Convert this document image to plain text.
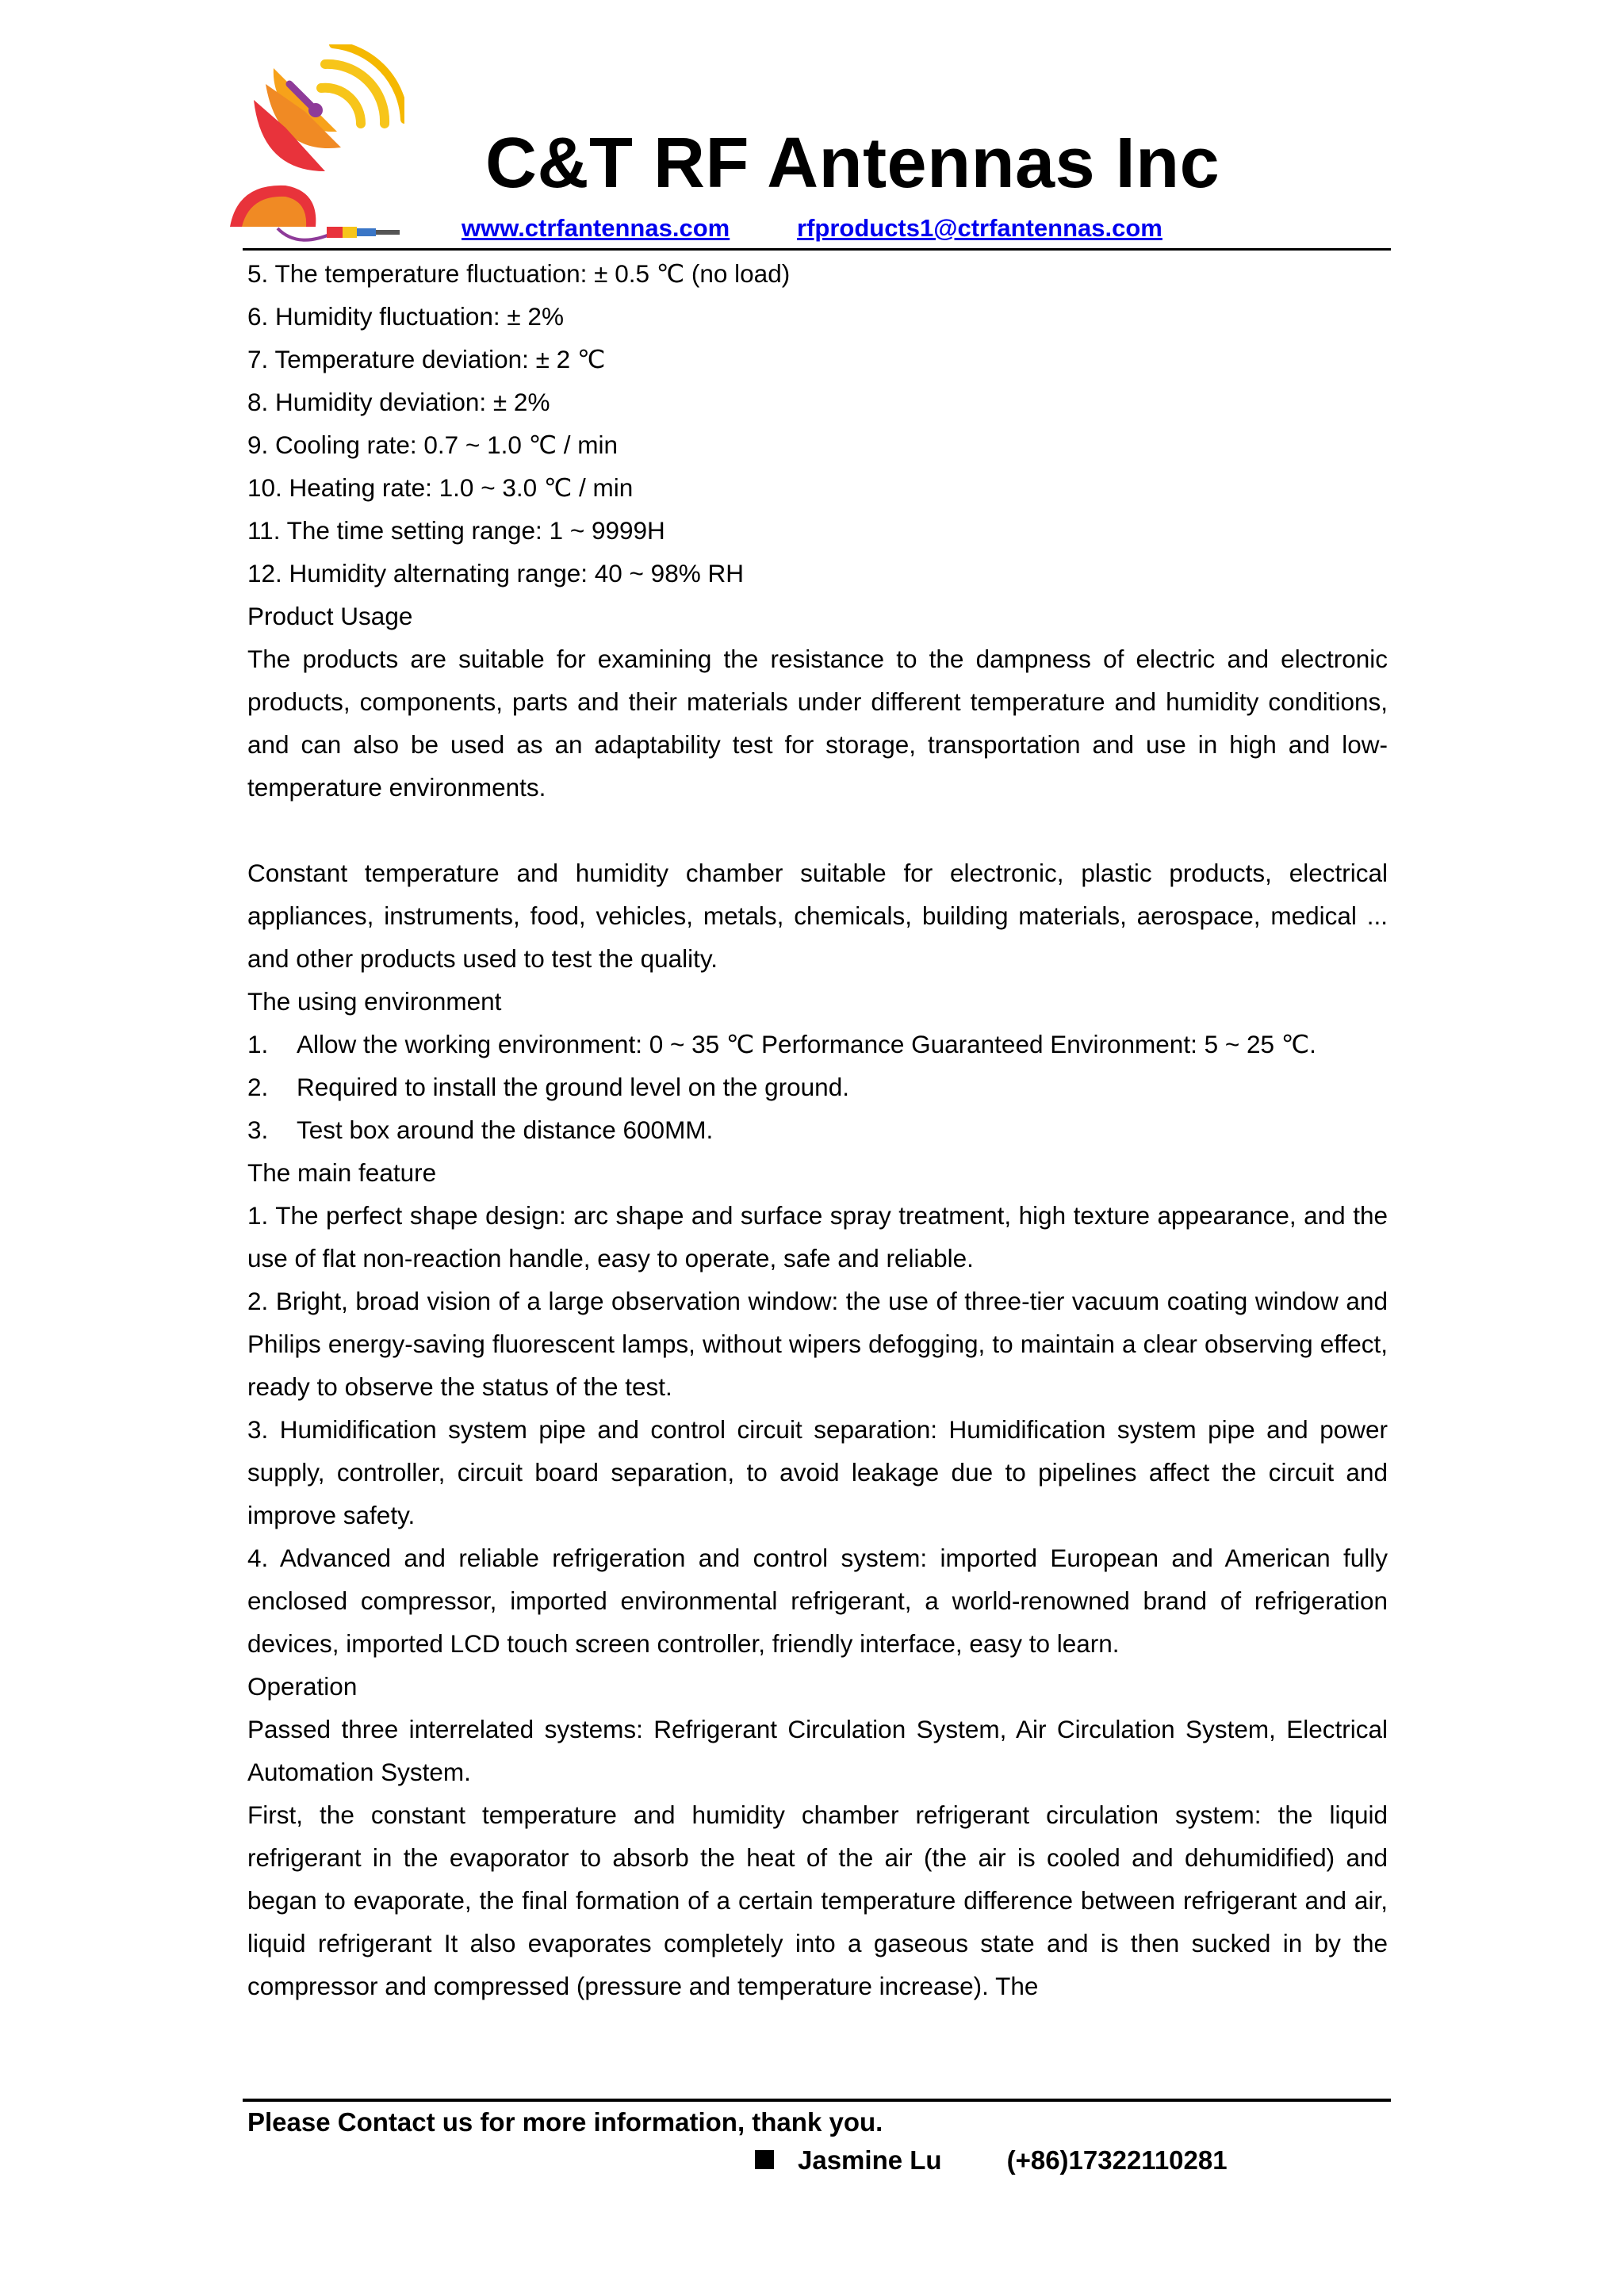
C&T RF Antennas Inc
www.ctrfantennas.com	rfproducts1@ctrfantennas.com

5. The temperature fluctuation: ± 0.5 ℃ (no load)

6. Humidity fluctuation: ± 2%

7. Temperature deviation: ± 2 ℃

8. Humidity deviation: ± 2%

9. Cooling rate: 0.7 ~ 1.0 ℃ / min

10. Heating rate: 1.0 ~ 3.0 ℃ / min

11. The time setting range: 1 ~ 9999H

12. Humidity alternating range: 40 ~ 98% RH

Product Usage

The products are suitable for examining the resistance to the dampness of electric and electronic products, components, parts and their materials under different temperature and humidity conditions, and can also be used as an adaptability test for storage, transportation and use in high and low-temperature environments.

Constant temperature and humidity chamber suitable for electronic, plastic products, electrical appliances, instruments, food, vehicles, metals, chemicals, building materials, aerospace, medical ... and other products used to test the quality.

The using environment

1.	Allow the working environment: 0 ~ 35 ℃ Performance Guaranteed Environment: 5 ~ 25 ℃.
2.	Required to install the ground level on the ground.
3.	Test box around the distance 600MM.

The main feature

1. The perfect shape design: arc shape and surface spray treatment, high texture appearance, and the use of flat non-reaction handle, easy to operate, safe and reliable.

2. Bright, broad vision of a large observation window: the use of three-tier vacuum coating window and Philips energy-saving fluorescent lamps, without wipers defogging, to maintain a clear observing effect, ready to observe the status of the test.

3. Humidification system pipe and control circuit separation: Humidification system pipe and power supply, controller, circuit board separation, to avoid leakage due to pipelines affect the circuit and improve safety.

4. Advanced and reliable refrigeration and control system: imported European and American fully enclosed compressor, imported environmental refrigerant, a world-renowned brand of refrigeration devices, imported LCD touch screen controller, friendly interface, easy to learn.

Operation

Passed three interrelated systems: Refrigerant Circulation System, Air Circulation System, Electrical Automation System.

First, the constant temperature and humidity chamber refrigerant circulation system: the liquid refrigerant in the evaporator to absorb the heat of the air (the air is cooled and dehumidified) and began to evaporate, the final formation of a certain temperature difference between refrigerant and air, liquid refrigerant It also evaporates completely into a gaseous state and is then sucked in by the compressor and compressed (pressure and temperature increase). The

Please Contact us for more information, thank you.

Jasmine Lu (+86)17322110281
